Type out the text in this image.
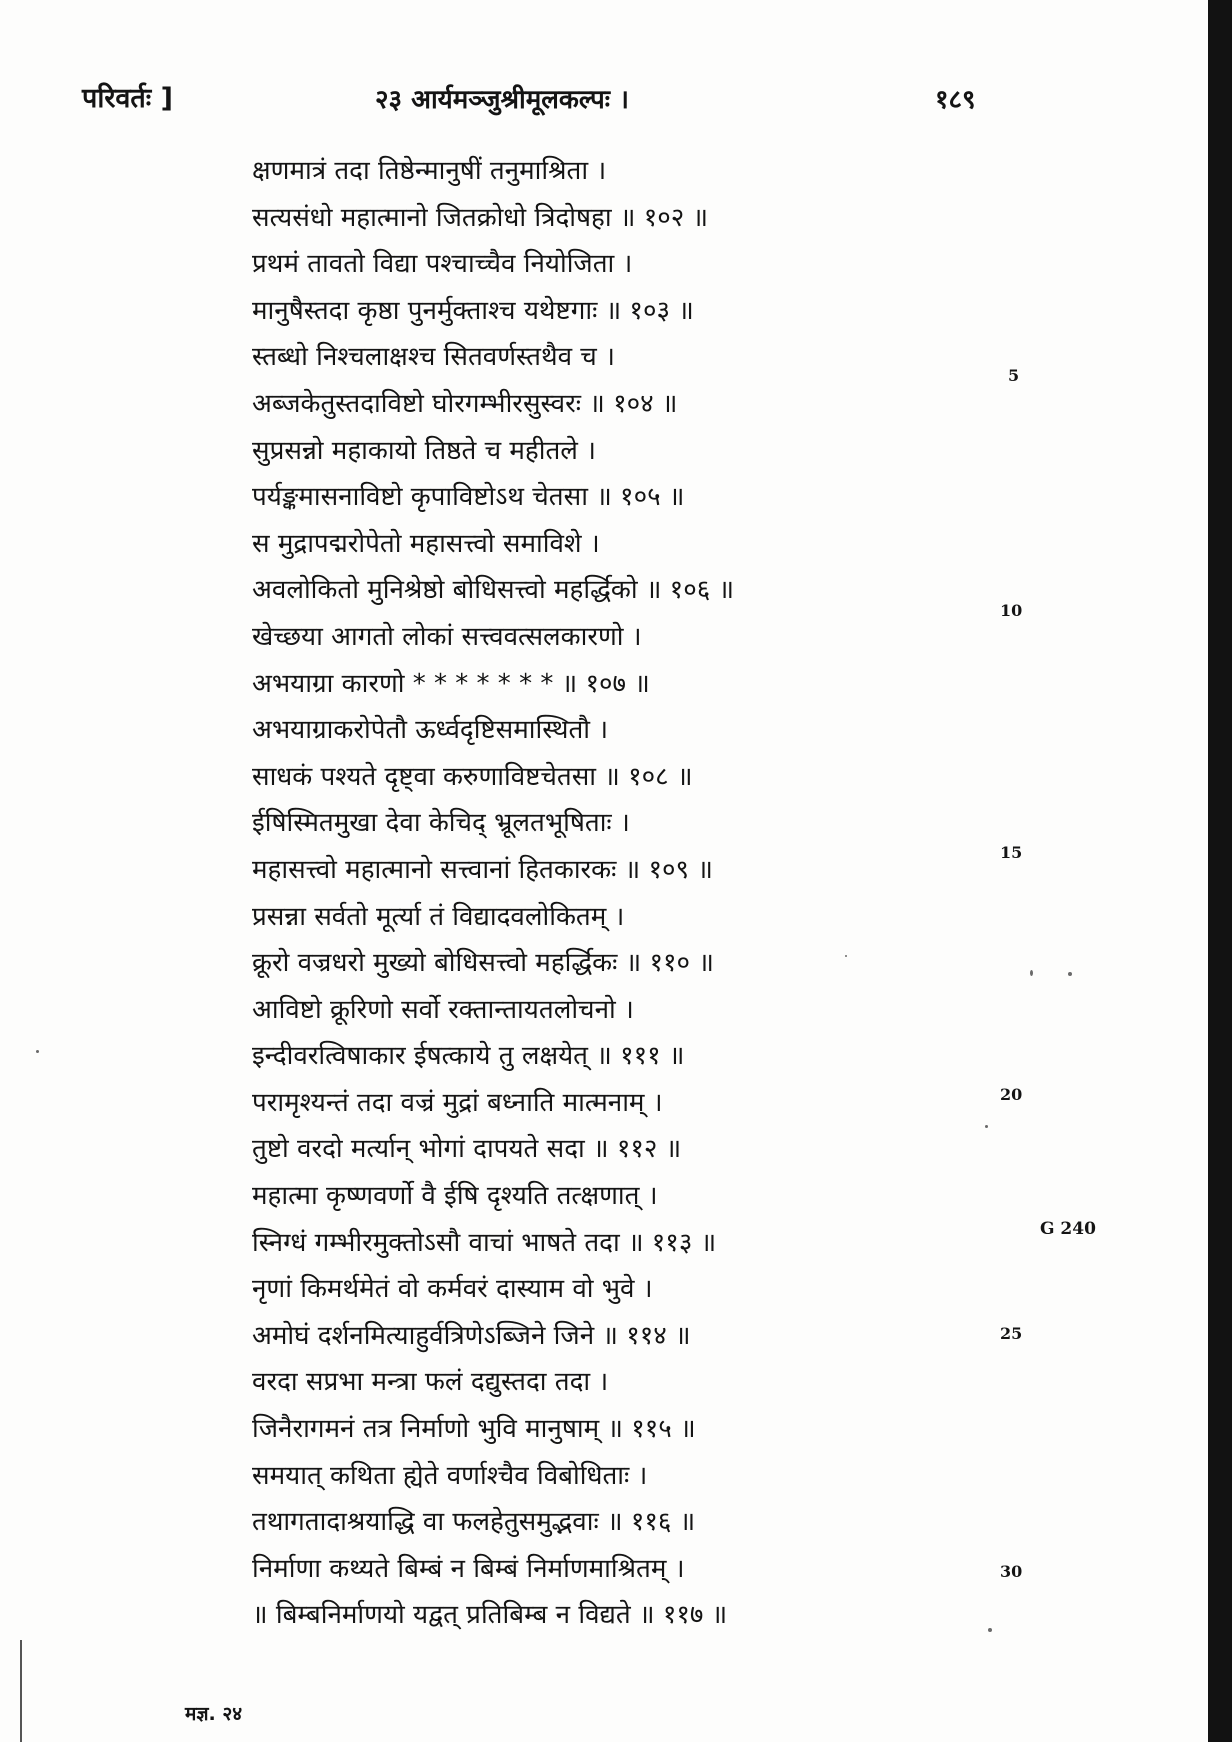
परिवर्तः ]	२३ आर्यमञ्जुश्रीमूलकल्पः ।	१८९
क्षणमात्रं तदा तिष्ठेन्मानुषीं तनुमाश्रिता ।
सत्यसंधो महात्मानो जितक्रोधो त्रिदोषहा ॥ १०२ ॥
प्रथमं तावतो विद्या पश्चाच्चैव नियोजिता ।
मानुषैस्तदा कृष्ठा पुनर्मुक्ताश्च यथेष्टगाः ॥ १०३ ॥
स्तब्धो निश्चलाक्षश्च सितवर्णस्तथैव च ।
अब्जकेतुस्तदाविष्टो घोरगम्भीरसुस्वरः ॥ १०४ ॥
सुप्रसन्नो महाकायो तिष्ठते च महीतले ।
पर्यङ्कमासनाविष्टो कृपाविष्टोऽथ चेतसा ॥ १०५ ॥
स मुद्रापद्मरोपेतो महासत्त्वो समाविशे ।
अवलोकितो मुनिश्रेष्ठो बोधिसत्त्वो महर्द्धिको ॥ १०६ ॥
खेच्छया आगतो लोकां सत्त्ववत्सलकारणो ।
अभयाग्रा कारणो * * * * * * * ॥ १०७ ॥
अभयाग्राकरोपेतौ ऊर्ध्वदृष्टिसमास्थितौ ।
साधकं पश्यते दृष्ट्वा करुणाविष्टचेतसा ॥ १०८ ॥
ईषिस्मितमुखा देवा केचिद् भ्रूलतभूषिताः ।
महासत्त्वो महात्मानो सत्त्वानां हितकारकः ॥ १०९ ॥
प्रसन्ना सर्वतो मूर्त्या तं विद्यादवलोकितम् ।
क्रूरो वज्रधरो मुख्यो बोधिसत्त्वो महर्द्धिकः ॥ ११० ॥
आविष्टो क्रूरिणो सर्वो रक्तान्तायतलोचनो ।
इन्दीवरत्विषाकार ईषत्काये तु लक्षयेत् ॥ १११ ॥
परामृश्यन्तं तदा वज्रं मुद्रां बध्नाति मात्मनाम् ।
तुष्टो वरदो मर्त्यान् भोगां दापयते सदा ॥ ११२ ॥
महात्मा कृष्णवर्णो वै ईषि दृश्यति तत्क्षणात् ।
स्निग्धं गम्भीरमुक्तोऽसौ वाचां भाषते तदा ॥ ११३ ॥
नृणां किमर्थमेतं वो कर्मवरं दास्याम वो भुवे ।
अमोघं दर्शनमित्याहुर्वत्रिणेऽब्जिने जिने ॥ ११४ ॥
वरदा सप्रभा मन्त्रा फलं दद्युस्तदा तदा ।
जिनैरागमनं तत्र निर्माणो भुवि मानुषाम् ॥ ११५ ॥
समयात् कथिता ह्येते वर्णाश्चैव विबोधिताः ।
तथागतादाश्रयाद्धि वा फलहेतुसमुद्भवाः ॥ ११६ ॥
निर्माणा कथ्यते बिम्बं न बिम्बं निर्माणमाश्रितम् ।
॥ बिम्बनिर्माणयो यद्वत् प्रतिबिम्ब न विद्यते ॥ ११७ ॥
5
10
15
20
25
30
G 240
मज्ञ. २४
